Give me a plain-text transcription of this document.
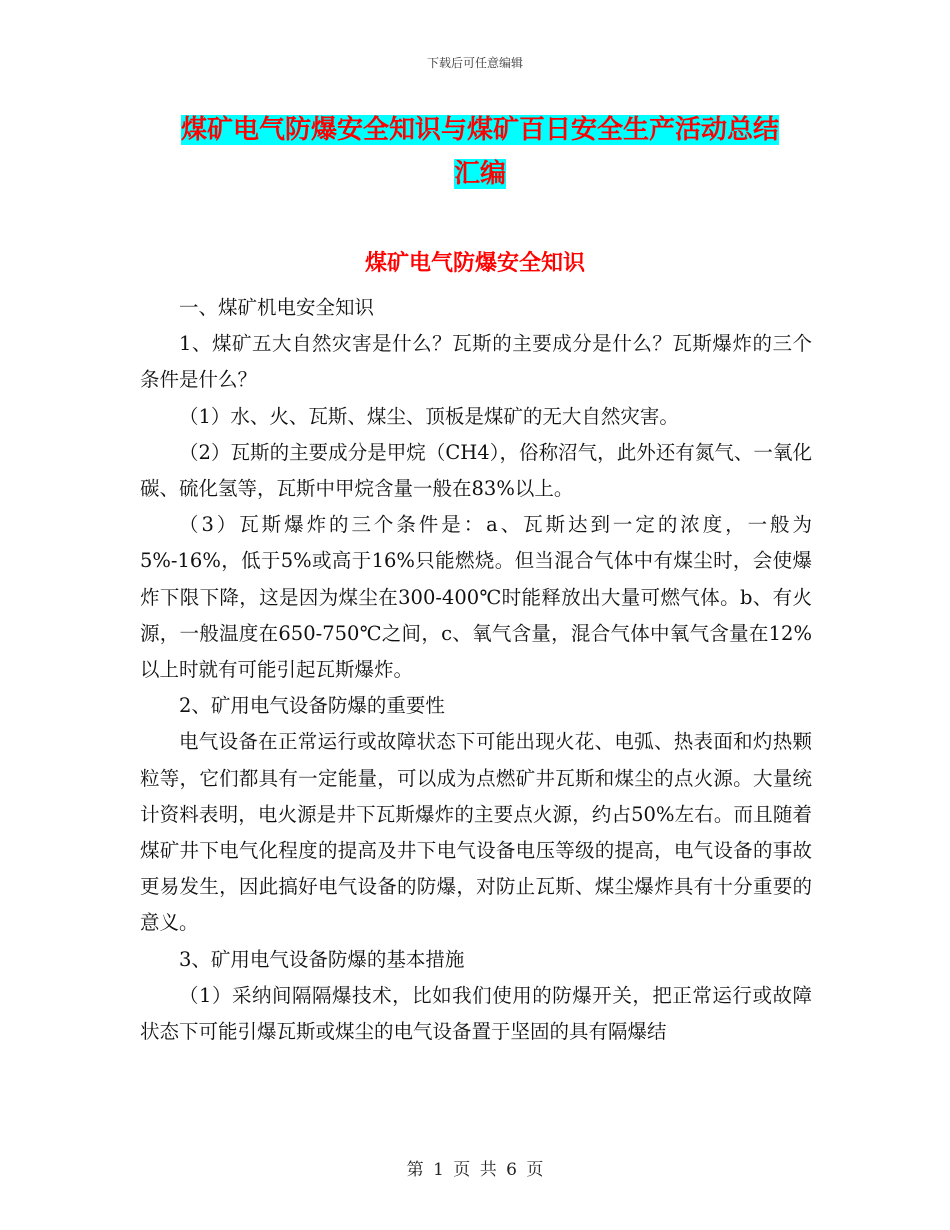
下载后可任意编辑
煤矿电气防爆安全知识与煤矿百日安全生产活动总结
汇编
煤矿电气防爆安全知识

一、煤矿机电安全知识

1、煤矿五大自然灾害是什么？瓦斯的主要成分是什么？瓦斯爆炸的三个条件是什么？

（1）水、火、瓦斯、煤尘、顶板是煤矿的无大自然灾害。

（2）瓦斯的主要成分是甲烷（CH4），俗称沼气，此外还有氮气、一氧化碳、硫化氢等，瓦斯中甲烷含量一般在83%以上。

（3）瓦斯爆炸的三个条件是：a、瓦斯达到一定的浓度，一般为5%-16%，低于5%或高于16%只能燃烧。但当混合气体中有煤尘时，会使爆炸下限下降，这是因为煤尘在300-400℃时能释放出大量可燃气体。b、有火源，一般温度在650-750℃之间，c、氧气含量，混合气体中氧气含量在12%以上时就有可能引起瓦斯爆炸。

2、矿用电气设备防爆的重要性

电气设备在正常运行或故障状态下可能出现火花、电弧、热表面和灼热颗粒等，它们都具有一定能量，可以成为点燃矿井瓦斯和煤尘的点火源。大量统计资料表明，电火源是井下瓦斯爆炸的主要点火源，约占50%左右。而且随着煤矿井下电气化程度的提高及井下电气设备电压等级的提高，电气设备的事故更易发生，因此搞好电气设备的防爆，对防止瓦斯、煤尘爆炸具有十分重要的意义。

3、矿用电气设备防爆的基本措施

（1）采纳间隔隔爆技术，比如我们使用的防爆开关，把正常运行或故障状态下可能引爆瓦斯或煤尘的电气设备置于坚固的具有隔爆结

第 1 页 共 6 页
